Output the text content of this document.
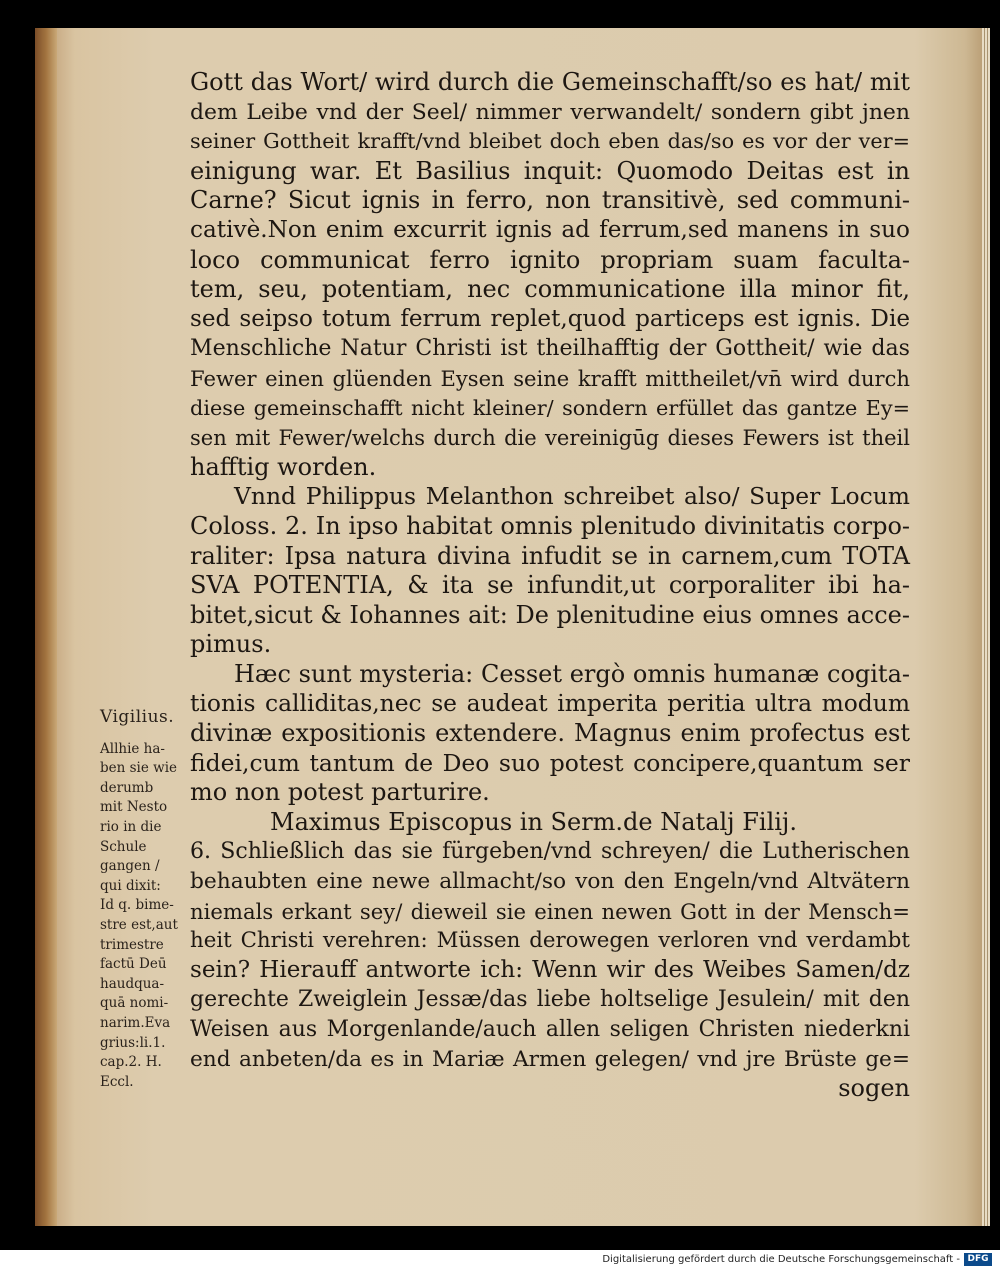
Gott das Wort/ wird durch die Gemeinschafft/so es hat/ mit
dem Leibe vnd der Seel/ nimmer verwandelt/ sondern gibt jnen
seiner Gottheit krafft/vnd bleibet doch eben das/so es vor der ver=
einigung war. Et Basilius inquit: Quomodo Deitas est in
Carne? Sicut ignis in ferro, non transitivè, sed communi-
cativè.Non enim excurrit ignis ad ferrum,sed manens in suo
loco communicat ferro ignito propriam suam faculta-
tem, seu, potentiam, nec communicatione illa minor fit,
sed seipso totum ferrum replet,quod particeps est ignis. Die
Menschliche Natur Christi ist theilhafftig der Gottheit/ wie das
Fewer einen glüenden Eysen seine krafft mittheilet/vn̄ wird durch
diese gemeinschafft nicht kleiner/ sondern erfüllet das gantze Ey=
sen mit Fewer/welchs durch die vereinigūg dieses Fewers ist theil
hafftig worden.
Vnnd Philippus Melanthon schreibet also/ Super Locum
Coloss. 2. In ipso habitat omnis plenitudo divinitatis corpo-
raliter: Ipsa natura divina infudit se in carnem,cum TOTA
SVA POTENTIA, & ita se infundit,ut corporaliter ibi ha-
bitet,sicut & Iohannes ait: De plenitudine eius omnes acce-
pimus.
Hæc sunt mysteria: Cesset ergò omnis humanæ cogita-
tionis calliditas,nec se audeat imperita peritia ultra modum
divinæ expositionis extendere. Magnus enim profectus est
fidei,cum tantum de Deo suo potest concipere,quantum ser
mo non potest parturire.
Maximus Episcopus in Serm.de Natalj Filij.
6. Schließlich das sie fürgeben/vnd schreyen/ die Lutherischen
behaubten eine newe allmacht/so von den Engeln/vnd Altvätern
niemals erkant sey/ dieweil sie einen newen Gott in der Mensch=
heit Christi verehren: Müssen derowegen verloren vnd verdambt
sein? Hierauff antworte ich: Wenn wir des Weibes Samen/dz
gerechte Zweiglein Jessæ/das liebe holtselige Jesulein/ mit den
Weisen aus Morgenlande/auch allen seligen Christen niederkni
end anbeten/da es in Mariæ Armen gelegen/ vnd jre Brüste ge=
sogen
Vigilius.
Allhie ha-
ben sie wie
derumb
mit Nesto
rio in die
Schule
gangen /
qui dixit:
Id q. bime-
stre est,aut
trimestre
factū Deū
haudqua-
quā nomi-
narim.Eva
grius:li.1.
cap.2. H.
Eccl.
Digitalisierung gefördert durch die Deutsche Forschungsgemeinschaft - DFG
